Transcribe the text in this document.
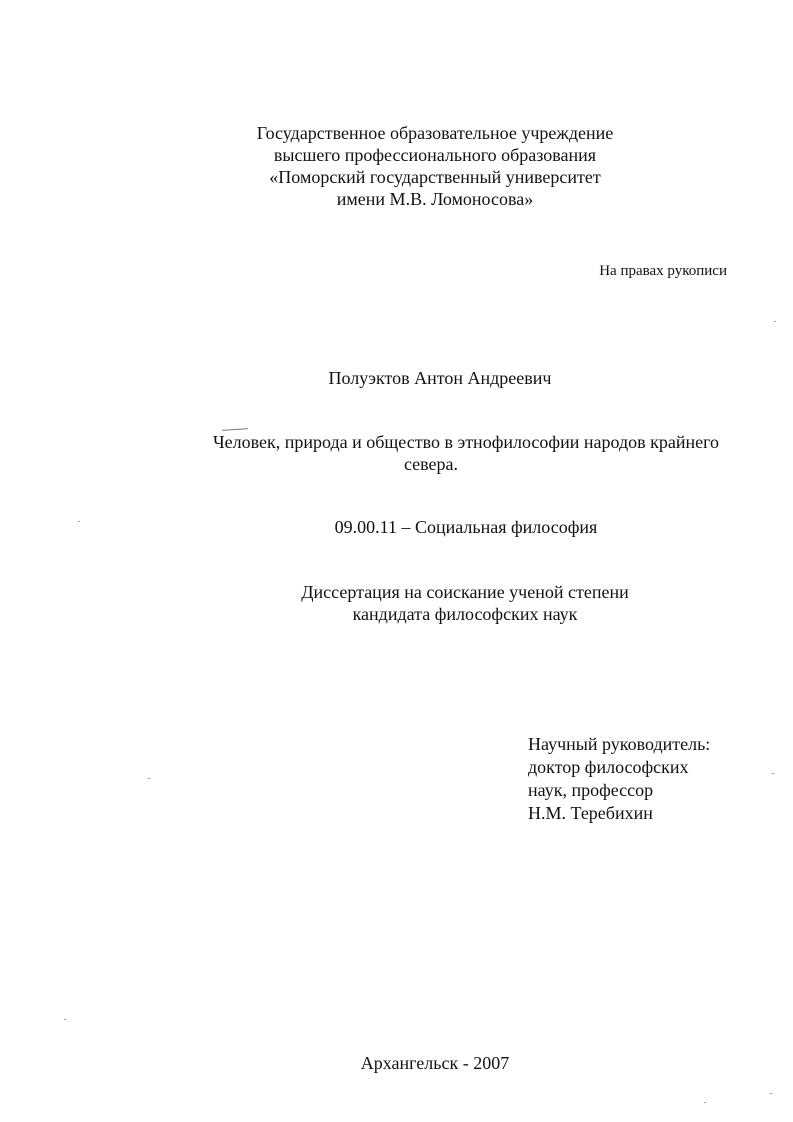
Государственное образовательное учреждение
высшего профессионального образования
«Поморский государственный университет
имени М.В. Ломоносова»
На правах рукописи
Полуэктов Антон Андреевич
Человек, природа и общество в этнофилософии народов крайнего
севера.
09.00.11 – Социальная философия
Диссертация на соискание ученой степени
кандидата философских наук
Научный руководитель:
доктор философских
наук, профессор
Н.М. Теребихин
Архангельск - 2007
